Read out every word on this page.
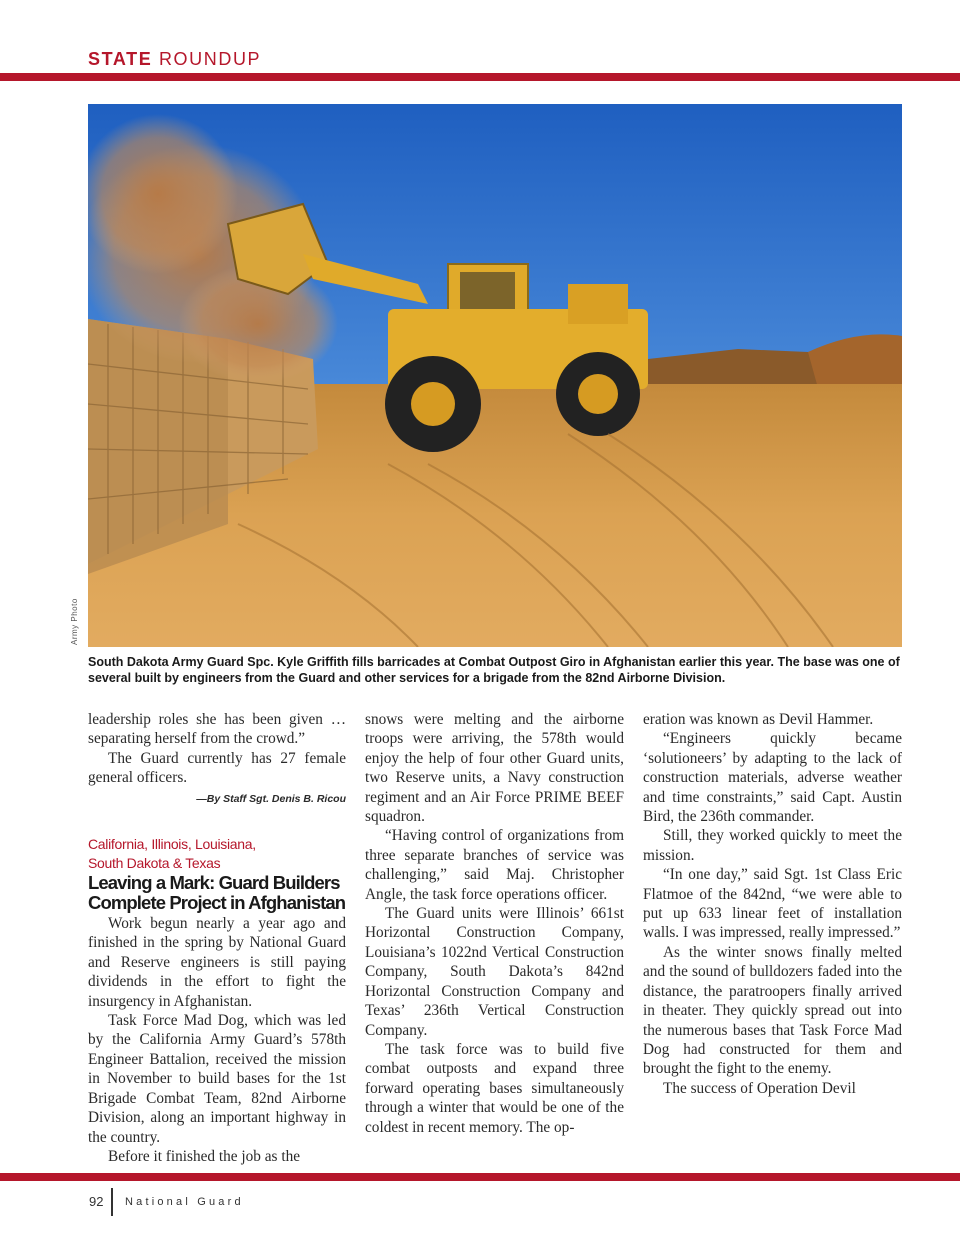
STATE ROUNDUP
Army Photo
South Dakota Army Guard Spc. Kyle Griffith fills barricades at Combat Outpost Giro in Afghanistan earlier this year. The base was one of several built by engineers from the Guard and other services for a brigade from the 82nd Airborne Division.

leadership roles she has been given … separating herself from the crowd.”

The Guard currently has 27 female general officers.

—By Staff Sgt. Denis B. Ricou
California, Illinois, Louisiana,
South Dakota & Texas
Leaving a Mark: Guard Builders
Complete Project in Afghanistan

Work begun nearly a year ago and finished in the spring by National Guard and Reserve engineers is still paying dividends in the effort to fight the insurgency in Afghanistan.

Task Force Mad Dog, which was led by the California Army Guard’s 578th Engineer Battalion, received the mission in November to build bases for the 1st Brigade Combat Team, 82nd Airborne Division, along an important highway in the country.

Before it finished the job as the

snows were melting and the airborne troops were arriving, the 578th would enjoy the help of four other Guard units, two Reserve units, a Navy construction regiment and an Air Force PRIME BEEF squadron.

“Having control of organizations from three separate branches of service was challenging,” said Maj. Christopher Angle, the task force operations officer.

The Guard units were Illinois’ 661st Horizontal Construction Company, Louisiana’s 1022nd Vertical Construction Company, South Dakota’s 842nd Horizontal Construction Company and Texas’ 236th Vertical Construction Company.

The task force was to build five combat outposts and expand three forward operating bases simultaneously through a winter that would be one of the coldest in recent memory. The op-

eration was known as Devil Hammer.

“Engineers quickly became ‘solutioneers’ by adapting to the lack of construction materials, adverse weather and time constraints,” said Capt. Austin Bird, the 236th commander.

Still, they worked quickly to meet the mission.

“In one day,” said Sgt. 1st Class Eric Flatmoe of the 842nd, “we were able to put up 633 linear feet of installation walls. I was impressed, really impressed.”

As the winter snows finally melted and the sound of bulldozers faded into the distance, the paratroopers finally arrived in theater. They quickly spread out into the numerous bases that Task Force Mad Dog had constructed for them and brought the fight to the enemy.

The success of Operation Devil

92 National Guard
